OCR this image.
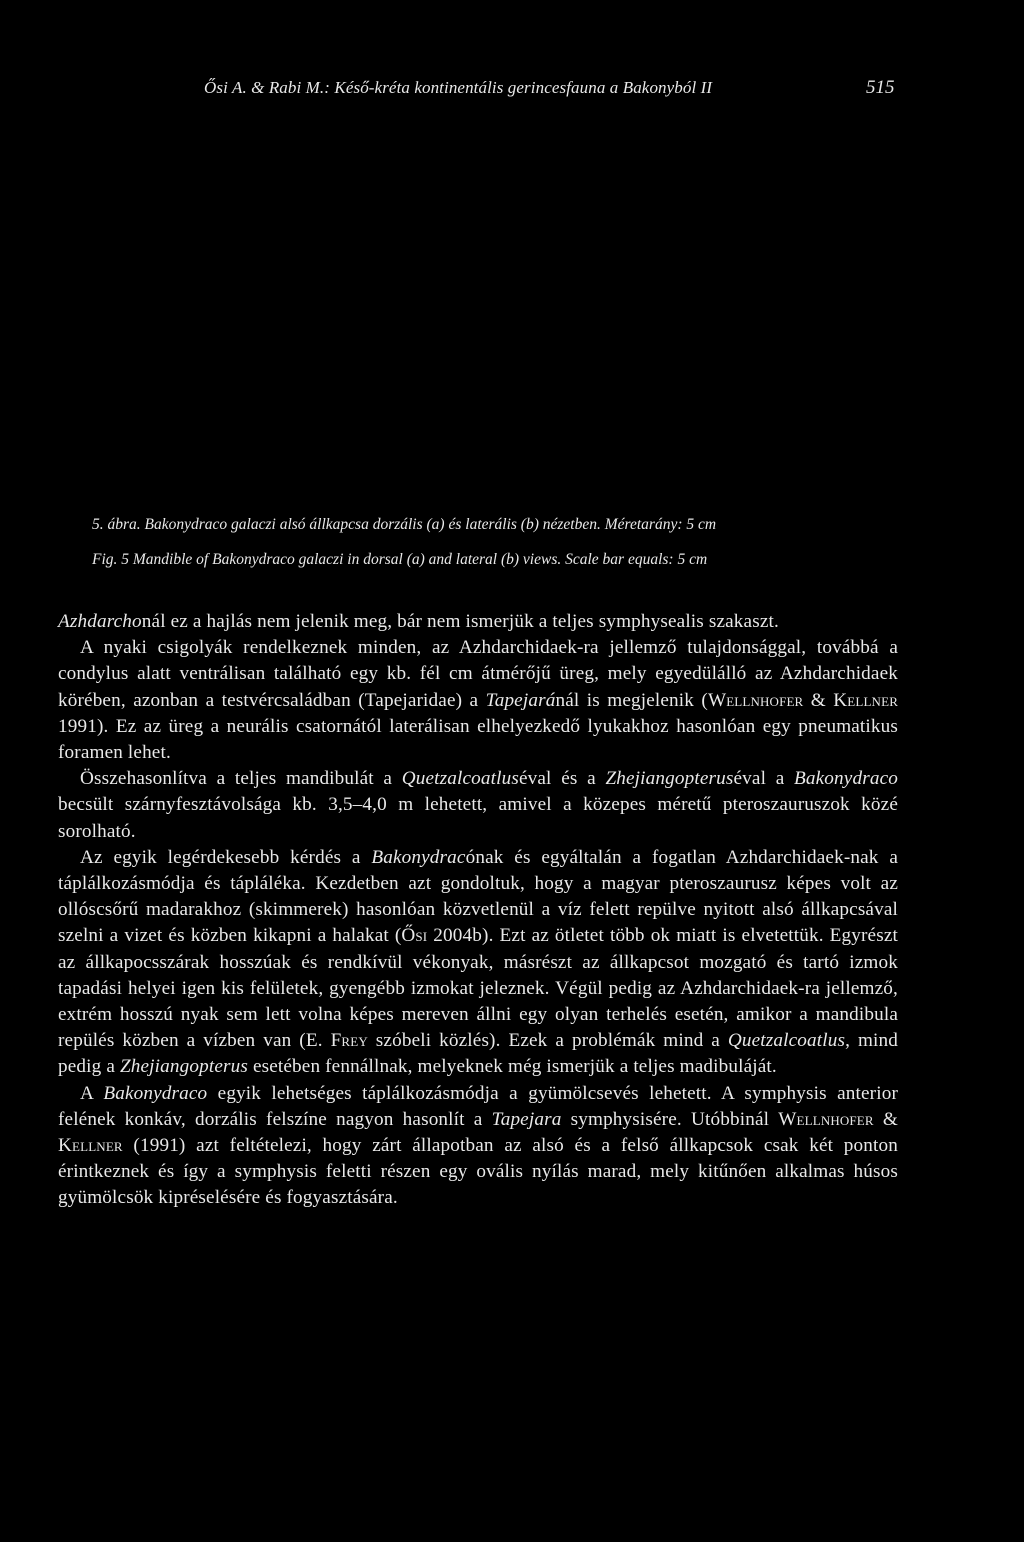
Ősi A. & Rabi M.: Késő-kréta kontinentális gerincesfauna a Bakonyból II	515
5. ábra. Bakonydraco galaczi alsó állkapcsa dorzális (a) és laterális (b) nézetben. Méretarány: 5 cm
Fig. 5 Mandible of Bakonydraco galaczi in dorsal (a) and lateral (b) views. Scale bar equals: 5 cm

Azhdarchonál ez a hajlás nem jelenik meg, bár nem ismerjük a teljes symphysealis szakaszt.

A nyaki csigolyák rendelkeznek minden, az Azhdarchidaek-ra jellemző tulajdonsággal, továbbá a condylus alatt ventrálisan található egy kb. fél cm átmérőjű üreg, mely egyedülálló az Azhdarchidaek körében, azonban a testvércsaládban (Tapejaridae) a Tapejaránál is megjelenik (Wellnhofer & Kellner 1991). Ez az üreg a neurális csatornától laterálisan elhelyezkedő lyukakhoz hasonlóan egy pneumatikus foramen lehet.

Összehasonlítva a teljes mandibulát a Quetzalcoatluséval és a Zhejiangopteruséval a Bakonydraco becsült szárnyfesztávolsága kb. 3,5–4,0 m lehetett, amivel a közepes méretű pteroszauruszok közé sorolható.

Az egyik legérdekesebb kérdés a Bakonydracónak és egyáltalán a fogatlan Azhdarchidaek-nak a táplálkozásmódja és tápláléka. Kezdetben azt gondoltuk, hogy a magyar pteroszaurusz képes volt az ollóscsőrű madarakhoz (skimmerek) hasonlóan közvetlenül a víz felett repülve nyitott alsó állkapcsával szelni a vizet és közben kikapni a halakat (Ősi 2004b). Ezt az ötletet több ok miatt is elvetettük. Egyrészt az állkapocsszárak hosszúak és rendkívül vékonyak, másrészt az állkapcsot mozgató és tartó izmok tapadási helyei igen kis felületek, gyengébb izmokat jeleznek. Végül pedig az Azhdarchidaek-ra jellemző, extrém hosszú nyak sem lett volna képes mereven állni egy olyan terhelés esetén, amikor a mandibula repülés közben a vízben van (E. Frey szóbeli közlés). Ezek a problémák mind a Quetzalcoatlus, mind pedig a Zhejiangopterus esetében fennállnak, melyeknek még ismerjük a teljes madibuláját.

A Bakonydraco egyik lehetséges táplálkozásmódja a gyümölcsevés lehetett. A symphysis anterior felének konkáv, dorzális felszíne nagyon hasonlít a Tapejara symphysisére. Utóbbinál Wellnhofer & Kellner (1991) azt feltételezi, hogy zárt állapotban az alsó és a felső állkapcsok csak két ponton érintkeznek és így a symphysis feletti részen egy ovális nyílás marad, mely kitűnően alkalmas húsos gyümölcsök kipréselésére és fogyasztására.
